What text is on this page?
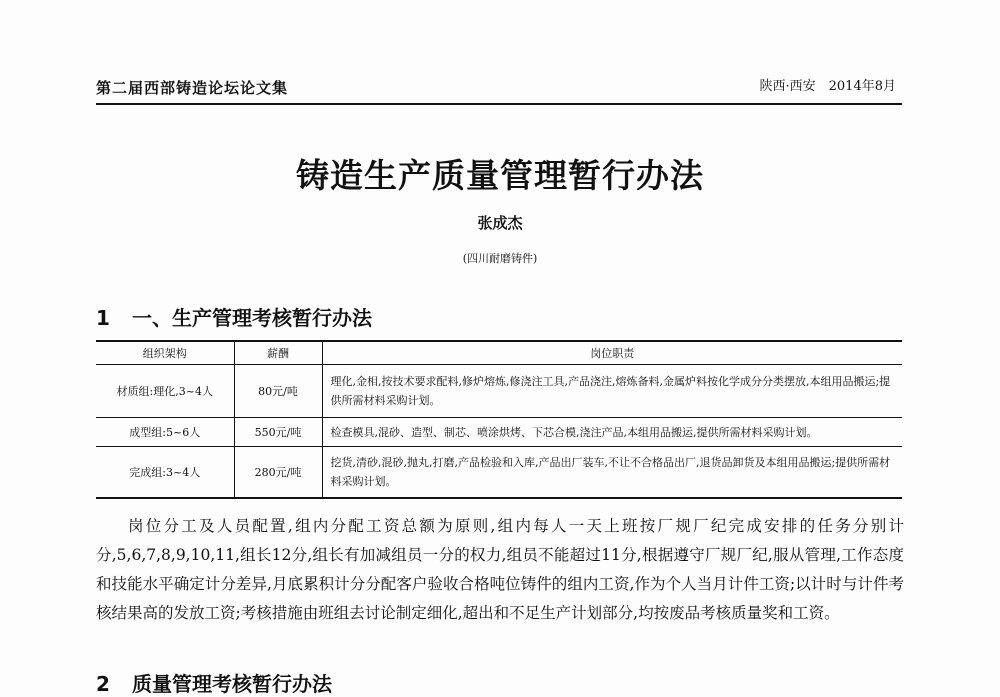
第二届西部铸造论坛论文集	陕西·西安　2014年8月
铸造生产质量管理暂行办法
张成杰
(四川耐磨铸件)
1 一、生产管理考核暂行办法
组织架构	薪酬	岗位职责
材质组:理化,3~4人	80元/吨	理化,金相,按技术要求配料,修炉熔炼,修浇注工具,产品浇注,熔炼备料,金属炉料按化学成分分类摆放,本组用品搬运;提供所需材料采购计划。
成型组:5~6人	550元/吨	检查模具,混砂、造型、制芯、喷涂烘烤、下芯合模,浇注产品,本组用品搬运,提供所需材料采购计划。
完成组:3~4人	280元/吨	挖货,清砂,混砂,抛丸,打磨,产品检验和入库,产品出厂装车,不让不合格品出厂,退货品卸货及本组用品搬运;提供所需材料采购计划。
岗位分工及人员配置,组内分配工资总额为原则,组内每人一天上班按厂规厂纪完成安排的任务分别计分,5,6,7,8,9,10,11,组长12分,组长有加减组员一分的权力,组员不能超过11分,根据遵守厂规厂纪,服从管理,工作态度和技能水平确定计分差异,月底累积计分分配客户验收合格吨位铸件的组内工资,作为个人当月计件工资;以计时与计件考核结果高的发放工资;考核措施由班组去讨论制定细化,超出和不足生产计划部分,均按废品考核质量奖和工资。
2 质量管理考核暂行办法
